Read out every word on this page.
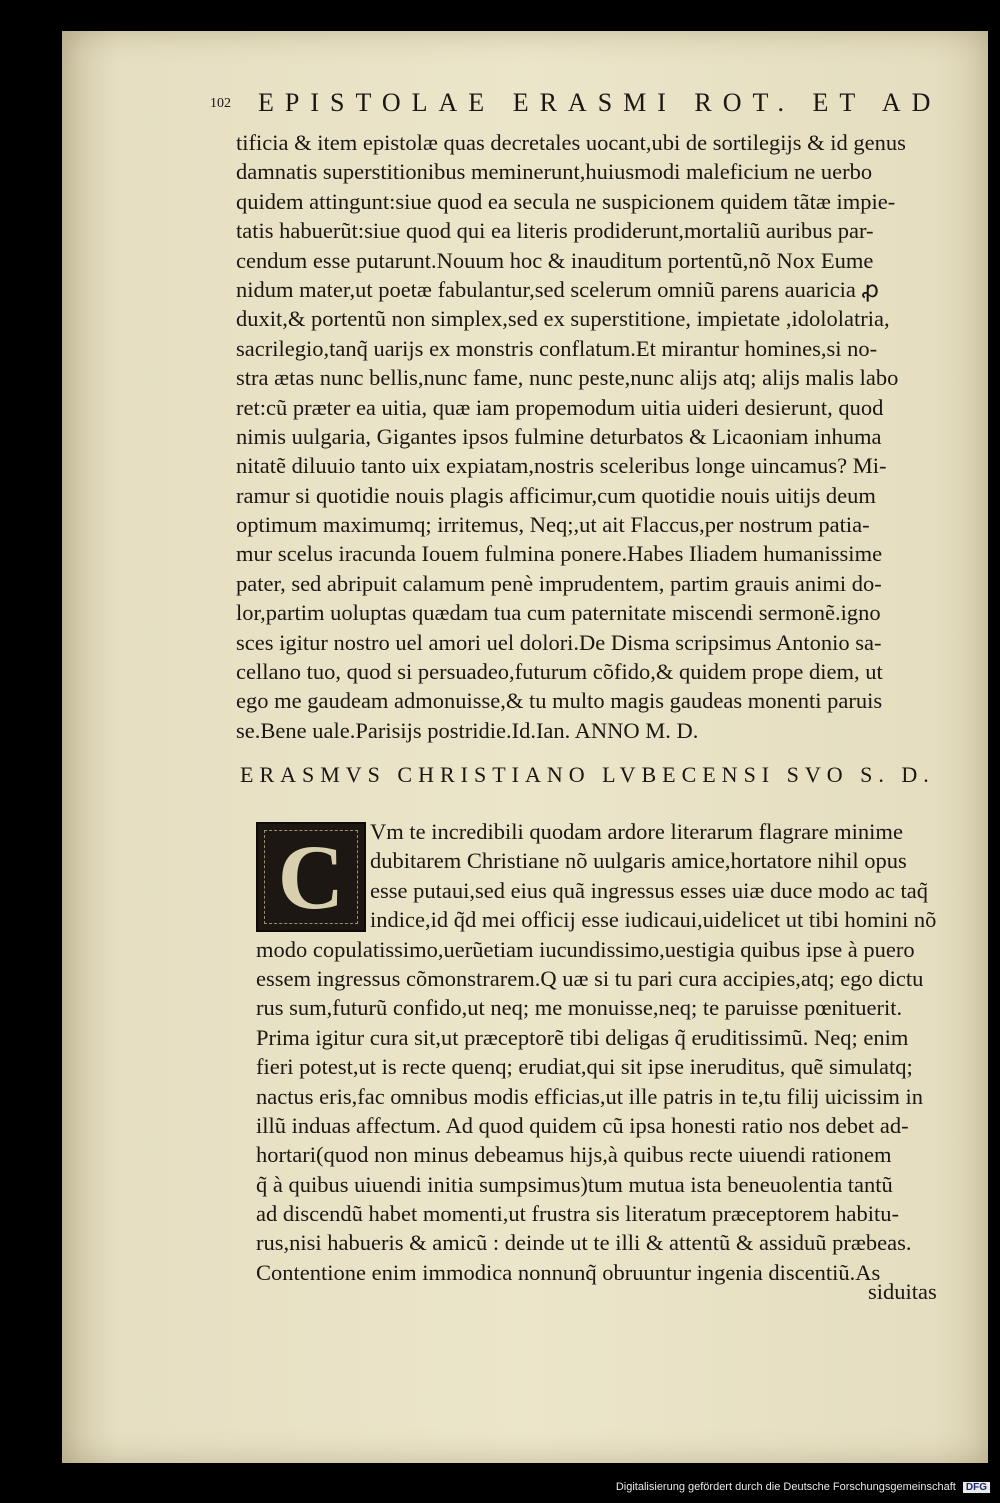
102 EPISTOLAE ERASMI ROT. ET AD
tificia & item epistolæ quas decretales uocant,ubi de sortilegijs & id genus
damnatis superstitionibus meminerunt,huiusmodi maleficium ne uerbo
quidem attingunt:siue quod ea secula ne suspicionem quidem tãtæ impie-
tatis habuerũt:siue quod qui ea literis prodiderunt,mortaliũ auribus par-
cendum esse putarunt.Nouum hoc & inauditum portentũ,nõ Nox Eume
nidum mater,ut poetæ fabulantur,sed scelerum omniũ parens auaricia ꝓ
duxit,& portentũ non simplex,sed ex superstitione, impietate ,idololatria,
sacrilegio,tanq̃ uarijs ex monstris conflatum.Et mirantur homines,si no-
stra ætas nunc bellis,nunc fame, nunc peste,nunc alijs atq; alijs malis labo
ret:cũ præter ea uitia, quæ iam propemodum uitia uideri desierunt, quod
nimis uulgaria, Gigantes ipsos fulmine deturbatos & Licaoniam inhuma
nitatẽ diluuio tanto uix expiatam,nostris sceleribus longe uincamus? Mi-
ramur si quotidie nouis plagis afficimur,cum quotidie nouis uitijs deum
optimum maximumq; irritemus, Neq;,ut ait Flaccus,per nostrum patia-
mur scelus iracunda Iouem fulmina ponere.Habes Iliadem humanissime
pater, sed abripuit calamum penè imprudentem, partim grauis animi do-
lor,partim uoluptas quædam tua cum paternitate miscendi sermonẽ.igno
sces igitur nostro uel amori uel dolori.De Disma scripsimus Antonio sa-
cellano tuo, quod si persuadeo,futurum cõfido,& quidem prope diem, ut
ego me gaudeam admonuisse,& tu multo magis gaudeas monenti paruis
se.Bene uale.Parisijs postridie.Id.Ian. ANNO M. D.
ERASMVS CHRISTIANO LVBECENSI SVO S. D.
C	Vm te incredibili quodam ardore literarum flagrare minime
dubitarem Christiane nõ uulgaris amice,hortatore nihil opus
esse putaui,sed eius quã ingressus esses uiæ duce modo ac taq̃
indice,id q̃d mei officij esse iudicaui,uidelicet ut tibi homini nõ
modo copulatissimo,uerũetiam iucundissimo,uestigia quibus ipse à puero
essem ingressus cõmonstrarem.Q uæ si tu pari cura accipies,atq; ego dictu
rus sum,futurũ confido,ut neq; me monuisse,neq; te paruisse pœnituerit.
Prima igitur cura sit,ut præceptorẽ tibi deligas q̃ eruditissimũ. Neq; enim
fieri potest,ut is recte quenq; erudiat,qui sit ipse ineruditus, quẽ simulatq;
nactus eris,fac omnibus modis efficias,ut ille patris in te,tu filij uicissim in
illũ induas affectum. Ad quod quidem cũ ipsa honesti ratio nos debet ad-
hortari(quod non minus debeamus hijs,à quibus recte uiuendi rationem
q̃ à quibus uiuendi initia sumpsimus)tum mutua ista beneuolentia tantũ
ad discendũ habet momenti,ut frustra sis literatum præceptorem habitu-
rus,nisi habueris & amicũ : deinde ut te illi & attentũ & assiduũ præbeas.
Contentione enim immodica nonnunq̃ obruuntur ingenia discentiũ.As
siduitas
Digitalisierung gefördert durch die Deutsche Forschungsgemeinschaft DFG
